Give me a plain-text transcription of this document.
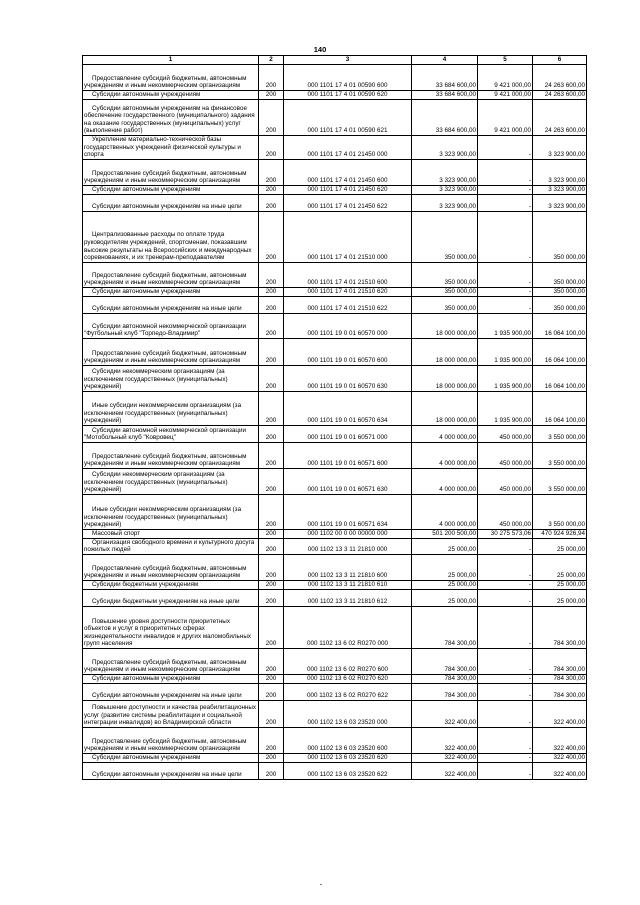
140
1	2	3	4	5	6
Предоставление субсидий бюджетным, автономным учреждениям и иным некоммерческим организациям	200	000 1101 17 4 01 00590 600	33 684 600,00	9 421 000,00	24 263 600,00
Субсидии автономным учреждениям	200	000 1101 17 4 01 00590 620	33 684 600,00	9 421 000,00	24 263 600,00
Субсидии автономным учреждениям на финансовое обеспечение государственного (муниципального) задания на оказание государственных (муниципальных) услуг (выполнение работ)	200	000 1101 17 4 01 00590 621	33 684 600,00	9 421 000,00	24 263 600,00
Укрепление материально-технической базы государственных учреждений физической культуры и спорта	200	000 1101 17 4 01 21450 000	3 323 900,00	-	3 323 900,00
Предоставление субсидий бюджетным, автономным учреждениям и иным некоммерческим организациям	200	000 1101 17 4 01 21450 600	3 323 900,00	-	3 323 900,00
Субсидии автономным учреждениям	200	000 1101 17 4 01 21450 620	3 323 900,00	-	3 323 900,00
Субсидии автономным учреждениям на иные цели	200	000 1101 17 4 01 21450 622	3 323 900,00	-	3 323 900,00
Централизованные расходы по оплате труда руководителям учреждений, спортсменам, показавшим высокие результаты на Всероссийских и международных соревнованиях, и их тренерам-преподавателям	200	000 1101 17 4 01 21510 000	350 000,00	-	350 000,00
Предоставление субсидий бюджетным, автономным учреждениям и иным некоммерческим организациям	200	000 1101 17 4 01 21510 600	350 000,00	-	350 000,00
Субсидии автономным учреждениям	200	000 1101 17 4 01 21510 620	350 000,00	-	350 000,00
Субсидии автономным учреждениям на иные цели	200	000 1101 17 4 01 21510 622	350 000,00	-	350 000,00
Субсидии автономной некоммерческой организации "Футбольный клуб "Торпедо-Владимир"	200	000 1101 19 0 01 60570 000	18 000 000,00	1 935 900,00	16 064 100,00
Предоставление субсидий бюджетным, автономным учреждениям и иным некоммерческим организациям	200	000 1101 19 0 01 60570 600	18 000 000,00	1 935 900,00	16 064 100,00
Субсидии некоммерческим организациям (за исключением государственных (муниципальных) учреждений)	200	000 1101 19 0 01 60570 630	18 000 000,00	1 935 900,00	16 064 100,00
Иные субсидии некоммерческим организациям (за исключением государственных (муниципальных) учреждений)	200	000 1101 19 0 01 60570 634	18 000 000,00	1 935 900,00	16 064 100,00
Субсидии автономной некоммерческой организации "Мотобольный клуб "Ковровец"	200	000 1101 19 0 01 60571 000	4 000 000,00	450 000,00	3 550 000,00
Предоставление субсидий бюджетным, автономным учреждениям и иным некоммерческим организациям	200	000 1101 19 0 01 60571 600	4 000 000,00	450 000,00	3 550 000,00
Субсидии некоммерческим организациям (за исключением государственных (муниципальных) учреждений)	200	000 1101 19 0 01 60571 630	4 000 000,00	450 000,00	3 550 000,00
Иные субсидии некоммерческим организациям (за исключением государственных (муниципальных) учреждений)	200	000 1101 19 0 01 60571 634	4 000 000,00	450 000,00	3 550 000,00
Массовый спорт	200	000 1102 00 0 00 00000 000	501 200 500,00	30 275 573,06	470 924 926,94
Организация свободного времени и культурного досуга пожилых людей	200	000 1102 13 3 11 21810 000	25 000,00	-	25 000,00
Предоставление субсидий бюджетным, автономным учреждениям и иным некоммерческим организациям	200	000 1102 13 3 11 21810 600	25 000,00	-	25 000,00
Субсидии бюджетным учреждениям	200	000 1102 13 3 11 21810 610	25 000,00	-	25 000,00
Субсидии бюджетным учреждениям на иные цели	200	000 1102 13 3 11 21810 612	25 000,00	-	25 000,00
Повышение уровня доступности приоритетных объектов и услуг в приоритетных сферах жизнедеятельности инвалидов и других маломобильных групп населения	200	000 1102 13 6 02 R0270 000	784 300,00	-	784 300,00
Предоставление субсидий бюджетным, автономным учреждениям и иным некоммерческим организациям	200	000 1102 13 6 02 R0270 600	784 300,00	-	784 300,00
Субсидии автономным учреждениям	200	000 1102 13 6 02 R0270 620	784 300,00	-	784 300,00
Субсидии автономным учреждениям на иные цели	200	000 1102 13 6 02 R0270 622	784 300,00	-	784 300,00
Повышение доступности и качества реабилитационных услуг (развитие системы реабилитации и социальной интеграции инвалидов) во Владимирской области	200	000 1102 13 6 03 23520 000	322 400,00	-	322 400,00
Предоставление субсидий бюджетным, автономным учреждениям и иным некоммерческим организациям	200	000 1102 13 6 03 23520 600	322 400,00	-	322 400,00
Субсидии автономным учреждениям	200	000 1102 13 6 03 23520 620	322 400,00	-	322 400,00
Субсидии автономным учреждениям на иные цели	200	000 1102 13 6 03 23520 622	322 400,00	-	322 400,00
